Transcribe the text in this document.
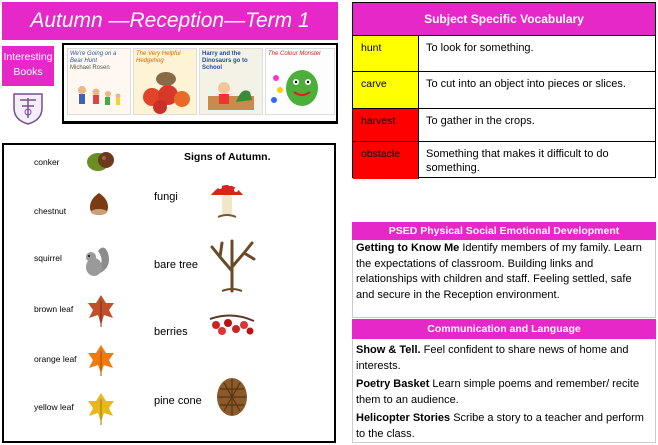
Autumn —Reception—Term 1
Interesting Books
We're Going on a Bear Hunt
Michael Rosen
The Very Helpful Hedgehog
Harry and the Dinosaurs go to School
The Colour Monster
Signs of Autumn.
conker
chestnut
squirrel
brown leaf
orange leaf
yellow leaf
fungi
bare tree
berries
pine cone
Subject Specific Vocabulary
hunt	To look for something.
carve	To cut into an object into pieces or slices.
harvest	To gather in the crops.
obstacle	Something that makes it difficult to do something.
PSED Physical Social Emotional Development
Getting to Know Me Identify members of my family. Learn the expectations of classroom. Building links and relationships with children and staff. Feeling settled, safe and secure in the Reception environment.
Communication and Language
Show & Tell. Feel confident to share news of home and interests.
Poetry Basket Learn simple poems and remember/ recite them to an audience.
Helicopter Stories Scribe a story to a teacher and perform to the class.
